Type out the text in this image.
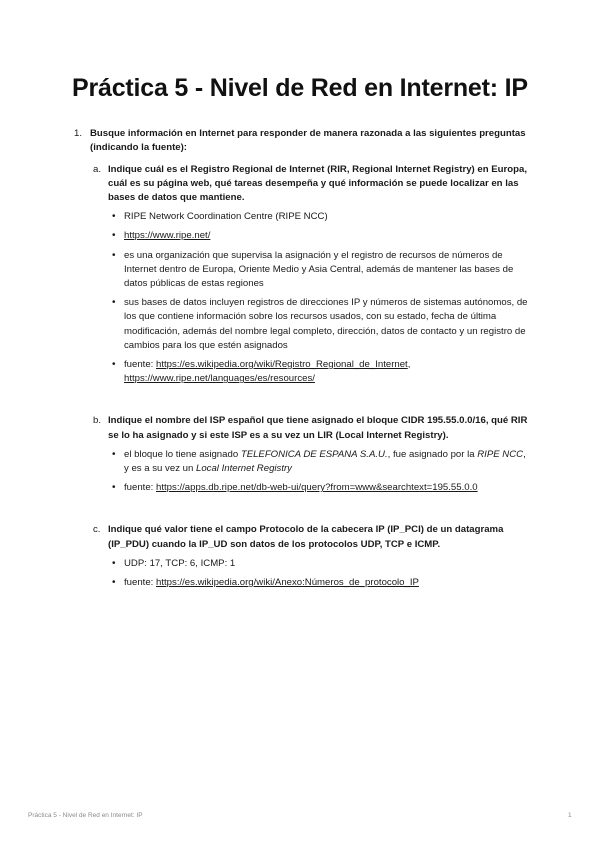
Práctica 5 - Nivel de Red en Internet: IP
1. Busque información en Internet para responder de manera razonada a las siguientes preguntas (indicando la fuente):
a. Indique cuál es el Registro Regional de Internet (RIR, Regional Internet Registry) en Europa, cuál es su página web, qué tareas desempeña y qué información se puede localizar en las bases de datos que mantiene.
• RIPE Network Coordination Centre (RIPE NCC)
• https://www.ripe.net/
• es una organización que supervisa la asignación y el registro de recursos de números de Internet dentro de Europa, Oriente Medio y Asia Central, además de mantener las bases de datos públicas de estas regiones
• sus bases de datos incluyen registros de direcciones IP y números de sistemas autónomos, de los que contiene información sobre los recursos usados, con su estado, fecha de última modificación, además del nombre legal completo, dirección, datos de contacto y un registro de cambios para los que estén asignados
• fuente: https://es.wikipedia.org/wiki/Registro_Regional_de_Internet,
https://www.ripe.net/languages/es/resources/
b. Indique el nombre del ISP español que tiene asignado el bloque CIDR 195.55.0.0/16, qué RIR se lo ha asignado y si este ISP es a su vez un LIR (Local Internet Registry).
• el bloque lo tiene asignado TELEFONICA DE ESPANA S.A.U., fue asignado por la RIPE NCC, y es a su vez un Local Internet Registry
• fuente: https://apps.db.ripe.net/db-web-ui/query?from=www&searchtext=195.55.0.0
c. Indique qué valor tiene el campo Protocolo de la cabecera IP (IP_PCI) de un datagrama (IP_PDU) cuando la IP_UD son datos de los protocolos UDP, TCP e ICMP.
• UDP: 17, TCP: 6, ICMP: 1
• fuente: https://es.wikipedia.org/wiki/Anexo:Números_de_protocolo_IP
Práctica 5 - Nivel de Red en Internet: IP	1
